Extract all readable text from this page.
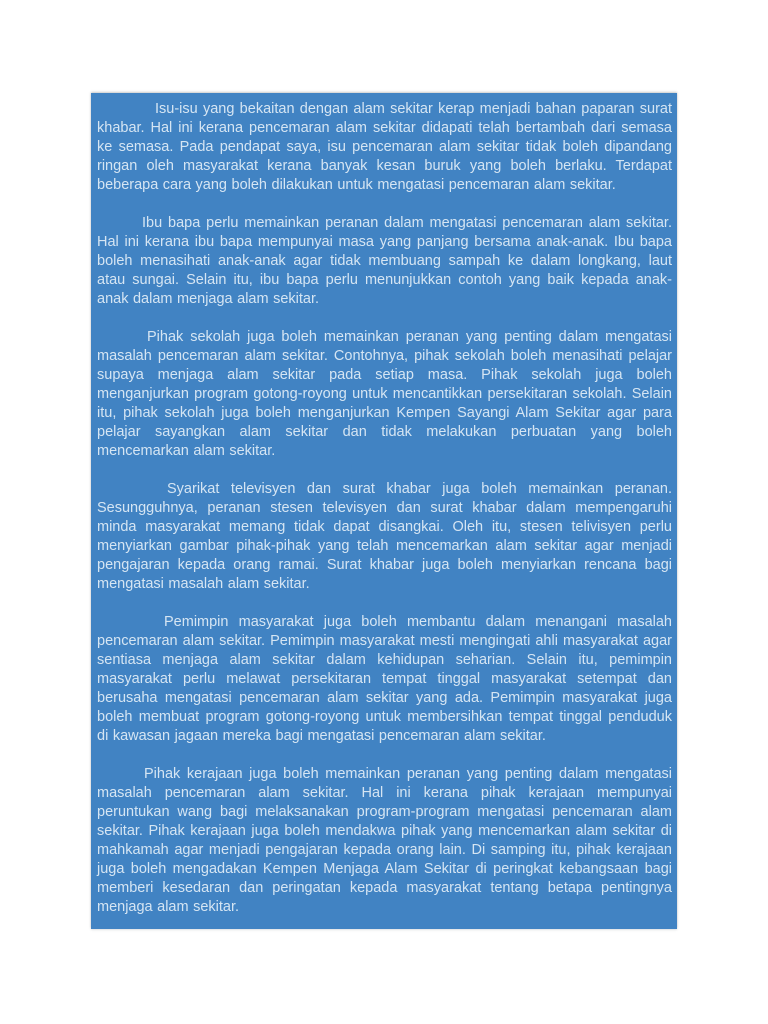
Isu-isu yang bekaitan dengan alam sekitar kerap menjadi bahan paparan surat khabar. Hal ini kerana pencemaran alam sekitar didapati telah bertambah dari semasa ke semasa. Pada pendapat saya, isu pencemaran alam sekitar tidak boleh dipandang ringan oleh masyarakat kerana banyak kesan buruk yang boleh berlaku. Terdapat beberapa cara yang boleh dilakukan untuk mengatasi pencemaran alam sekitar.

Ibu bapa perlu memainkan peranan dalam mengatasi pencemaran alam sekitar. Hal ini kerana ibu bapa mempunyai masa yang panjang bersama anak-anak. Ibu bapa boleh menasihati anak-anak agar tidak membuang sampah ke dalam longkang, laut atau sungai. Selain itu, ibu bapa perlu menunjukkan contoh yang baik kepada anak-anak dalam menjaga alam sekitar.

Pihak sekolah juga boleh memainkan peranan yang penting dalam mengatasi masalah pencemaran alam sekitar. Contohnya, pihak sekolah boleh menasihati pelajar supaya menjaga alam sekitar pada setiap masa. Pihak sekolah juga boleh menganjurkan program gotong-royong untuk mencantikkan persekitaran sekolah. Selain itu, pihak sekolah juga boleh menganjurkan Kempen Sayangi Alam Sekitar agar para pelajar sayangkan alam sekitar dan tidak melakukan perbuatan yang boleh mencemarkan alam sekitar.

Syarikat televisyen dan surat khabar juga boleh memainkan peranan. Sesungguhnya, peranan stesen televisyen dan surat khabar dalam mempengaruhi minda masyarakat memang tidak dapat disangkai. Oleh itu, stesen telivisyen perlu menyiarkan gambar pihak-pihak yang telah mencemarkan alam sekitar agar menjadi pengajaran kepada orang ramai. Surat khabar juga boleh menyiarkan rencana bagi mengatasi masalah alam sekitar.

Pemimpin masyarakat juga boleh membantu dalam menangani masalah pencemaran alam sekitar. Pemimpin masyarakat mesti mengingati ahli masyarakat agar sentiasa menjaga alam sekitar dalam kehidupan seharian. Selain itu, pemimpin masyarakat perlu melawat persekitaran tempat tinggal masyarakat setempat dan berusaha mengatasi pencemaran alam sekitar yang ada. Pemimpin masyarakat juga boleh membuat program gotong-royong untuk membersihkan tempat tinggal penduduk di kawasan jagaan mereka bagi mengatasi pencemaran alam sekitar.

Pihak kerajaan juga boleh memainkan peranan yang penting dalam mengatasi masalah pencemaran alam sekitar. Hal ini kerana pihak kerajaan mempunyai peruntukan wang bagi melaksanakan program-program mengatasi pencemaran alam sekitar. Pihak kerajaan juga boleh mendakwa pihak yang mencemarkan alam sekitar di mahkamah agar menjadi pengajaran kepada orang lain. Di samping itu, pihak kerajaan juga boleh mengadakan Kempen Menjaga Alam Sekitar di peringkat kebangsaan bagi memberi kesedaran dan peringatan kepada masyarakat tentang betapa pentingnya menjaga alam sekitar.
